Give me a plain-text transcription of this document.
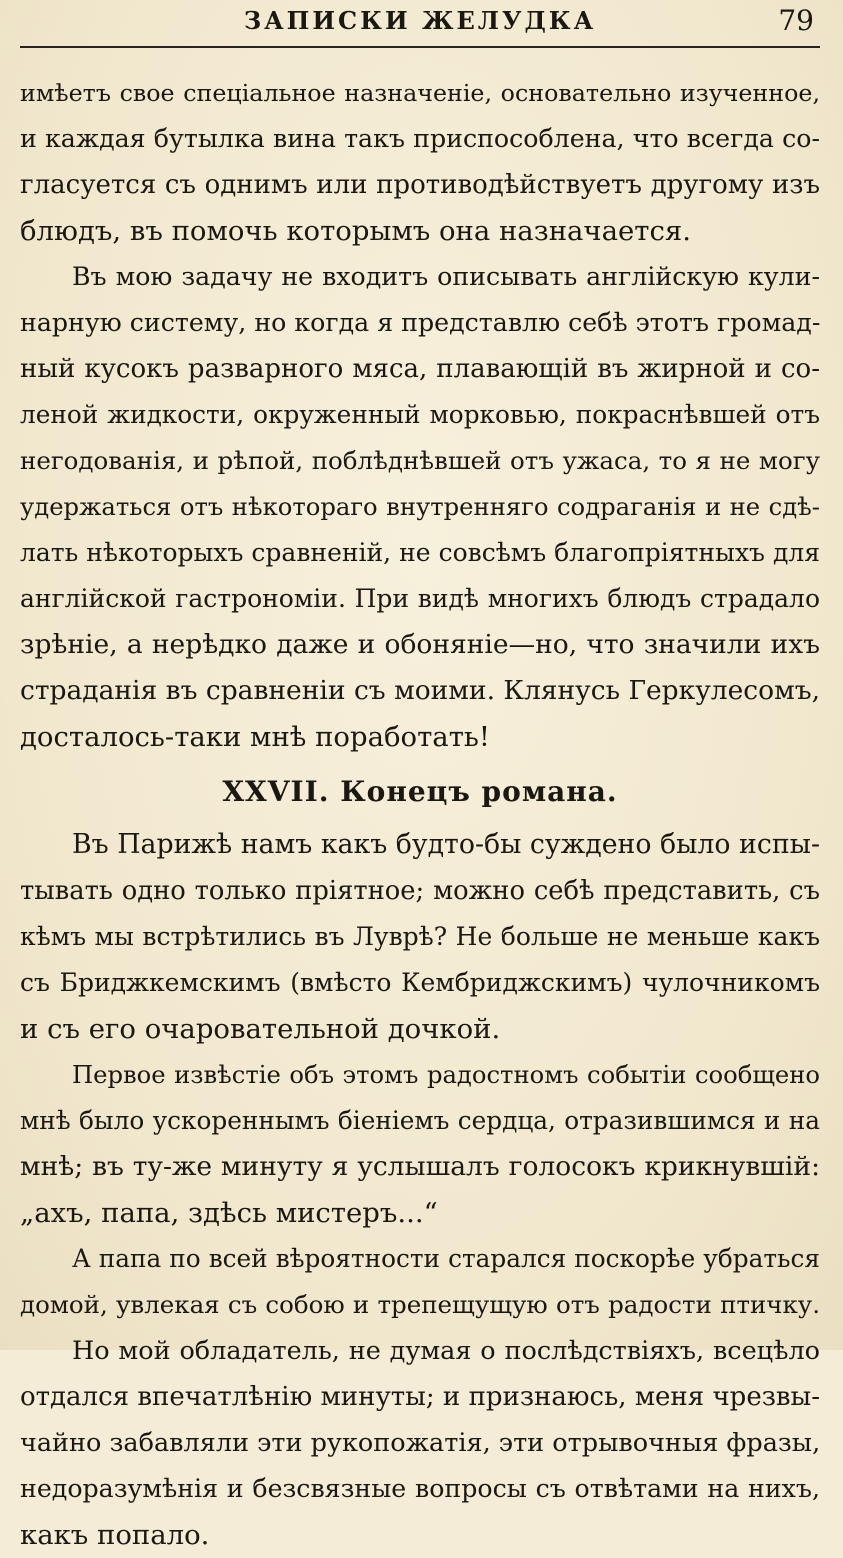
ЗАПИСКИ ЖЕЛУДКА	79
имѣетъ свое спеціальное назначеніе, основательно изученное,
и каждая бутылка вина такъ приспособлена, что всегда со-
гласуется съ однимъ или противодѣйствуетъ другому изъ
блюдъ, въ помочь которымъ она назначается.
Въ мою задачу не входитъ описывать англійскую кули-
нарную систему, но когда я представлю себѣ этотъ громад-
ный кусокъ разварного мяса, плавающій въ жирной и со-
леной жидкости, окруженный морковью, покраснѣвшей отъ
негодованія, и рѣпой, поблѣднѣвшей отъ ужаса, то я не могу
удержаться отъ нѣкотораго внутренняго содраганія и не сдѣ-
лать нѣкоторыхъ сравненій, не совсѣмъ благопріятныхъ для
англійской гастрономіи. При видѣ многихъ блюдъ страдало
зрѣніе, а нерѣдко даже и обоняніе—но, что значили ихъ
страданія въ сравненіи съ моими. Клянусь Геркулесомъ,
досталось-таки мнѣ поработать!
XXVII. Конецъ романа.
Въ Парижѣ намъ какъ будто-бы суждено было испы-
тывать одно только пріятное; можно себѣ представить, съ
кѣмъ мы встрѣтились въ Луврѣ? Не больше не меньше какъ
съ Бриджкемскимъ (вмѣсто Кембриджскимъ) чулочникомъ
и съ его очаровательной дочкой.
Первое извѣстіе объ этомъ радостномъ событіи сообщено
мнѣ было ускореннымъ біеніемъ сердца, отразившимся и на
мнѣ; въ ту-же минуту я услышалъ голосокъ крикнувшій:
„ахъ, папа, здѣсь мистеръ...“
А папа по всей вѣроятности старался поскорѣе убраться
домой, увлекая съ собою и трепещущую отъ радости птичку.
Но мой обладатель, не думая о послѣдствіяхъ, всецѣло
отдался впечатлѣнію минуты; и признаюсь, меня чрезвы-
чайно забавляли эти рукопожатія, эти отрывочныя фразы,
недоразумѣнія и безсвязные вопросы съ отвѣтами на нихъ,
какъ попало.
